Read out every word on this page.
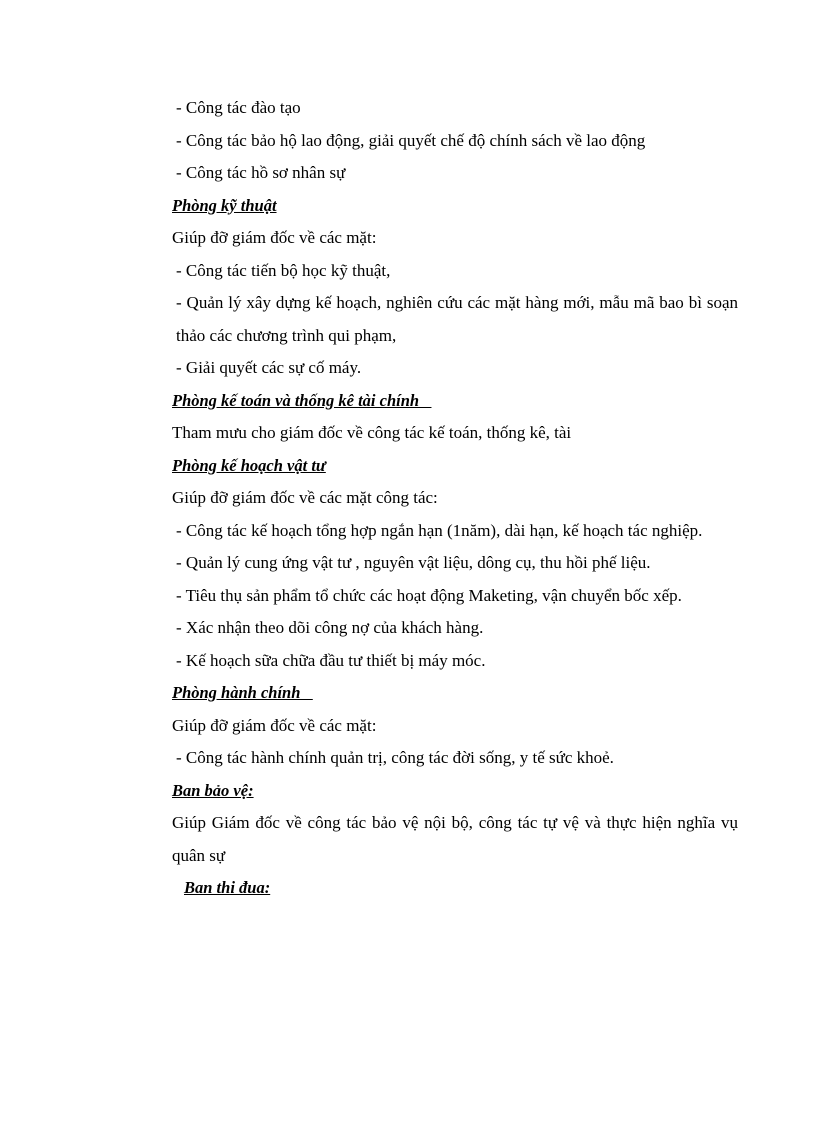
- Công tác đào tạo

- Công tác bảo hộ lao động, giải quyết chế độ chính sách về lao động

- Công tác hồ sơ nhân sự

Phòng kỹ thuật

Giúp đỡ giám đốc về các mặt:

- Công tác tiến bộ học kỹ thuật,

- Quản lý xây dựng kế hoạch, nghiên cứu các mặt hàng mới, mẫu mã bao bì soạn thảo các chương trình qui phạm,

- Giải quyết các sự cố máy.

Phòng kế toán và thống kê tài chính

Tham mưu cho giám đốc về công tác kế toán, thống kê, tài

Phòng kế hoạch vật tư

Giúp đỡ giám đốc về các mặt công tác:

- Công tác kế hoạch tổng hợp ngắn hạn (1năm), dài hạn, kế hoạch tác nghiệp.

- Quản lý cung ứng vật tư , nguyên vật liệu, dông cụ, thu hồi phế liệu.

- Tiêu thụ sản phẩm tổ chức các hoạt động Maketing, vận chuyển bốc xếp.

- Xác nhận theo dõi công nợ của khách hàng.

- Kế hoạch sữa chữa đầu tư thiết bị máy móc.

Phòng hành chính

Giúp đỡ giám đốc về các mặt:

- Công tác hành chính quản trị, công tác đời sống, y tế sức khoẻ.

Ban bảo vệ:

Giúp Giám đốc về công tác bảo vệ nội bộ, công tác tự vệ và thực hiện nghĩa vụ quân sự

Ban thi đua:
